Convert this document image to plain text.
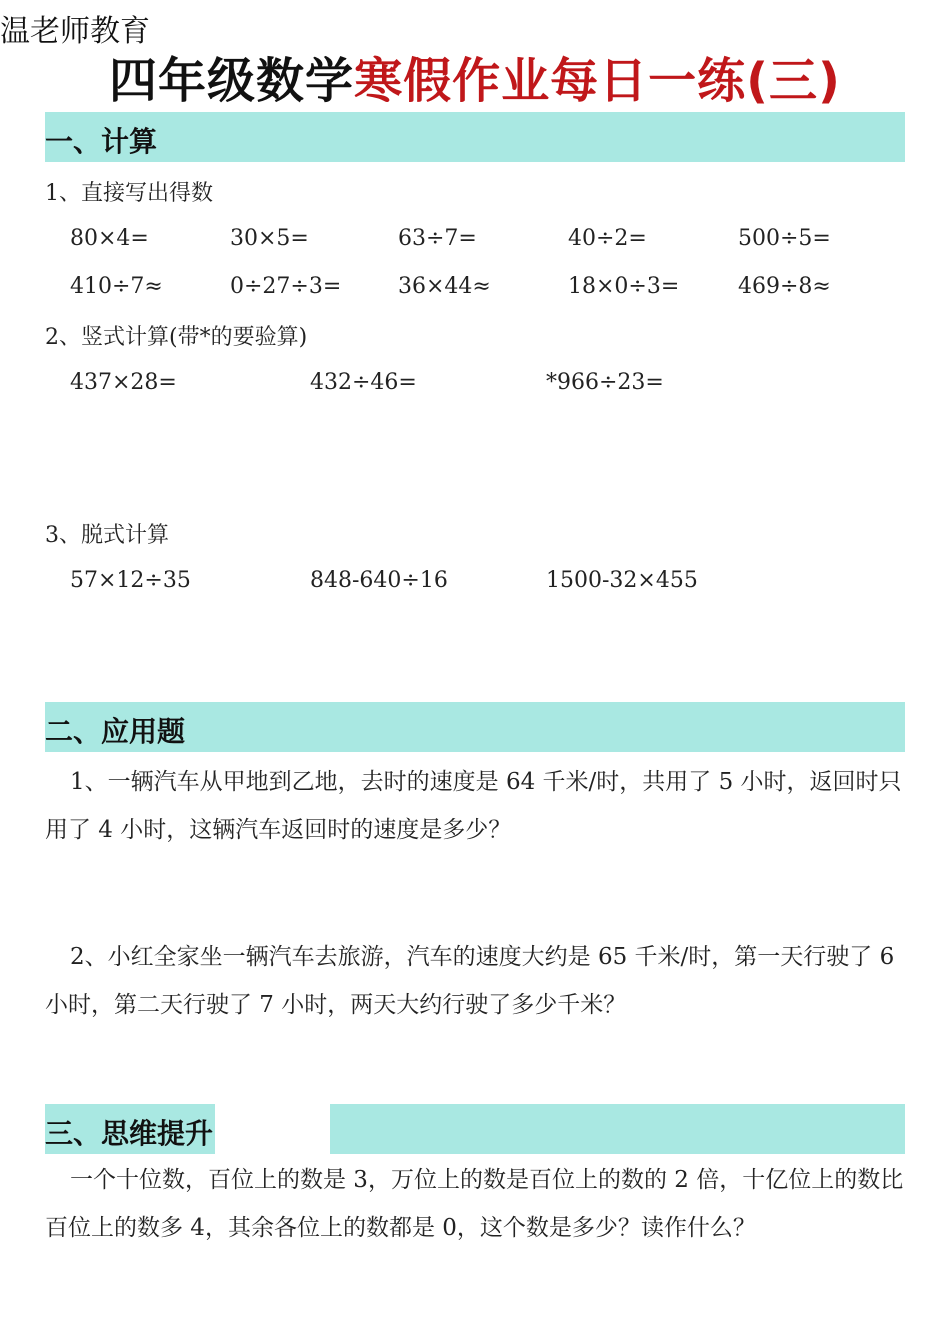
温老师教育
四年级数学寒假作业每日一练(三)
一、计算
1、直接写出得数
80×4=	30×5=	63÷7=	40÷2=	500÷5=
410÷7≈	0÷27÷3=	36×44≈	18×0÷3=	469÷8≈
2、竖式计算(带*的要验算)
437×28=	432÷46=	*966÷23=
3、脱式计算
57×12÷35	848-640÷16	1500-32×455
二、应用题
1、一辆汽车从甲地到乙地，去时的速度是 64 千米/时，共用了 5 小时，返回时只用了 4 小时，这辆汽车返回时的速度是多少？
2、小红全家坐一辆汽车去旅游，汽车的速度大约是 65 千米/时，第一天行驶了 6 小时，第二天行驶了 7 小时，两天大约行驶了多少千米？
三、思维提升
一个十位数，百位上的数是 3，万位上的数是百位上的数的 2 倍，十亿位上的数比百位上的数多 4，其余各位上的数都是 0，这个数是多少？读作什么？
